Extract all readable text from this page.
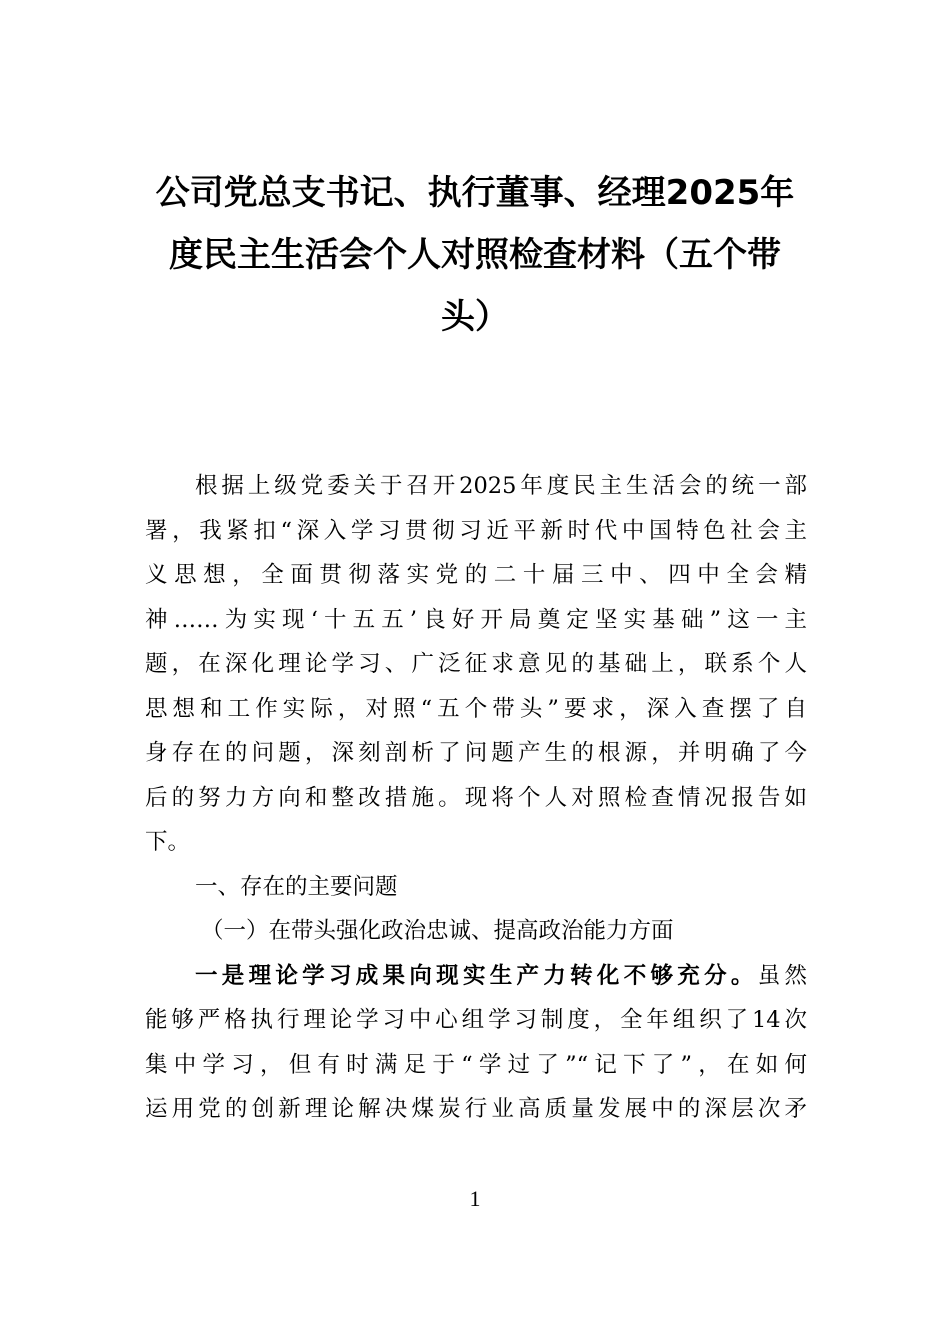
公司党总支书记、执行董事、经理2025年
度民主生活会个人对照检查材料（五个带
头）
根据上级党委关于召开2025年度民主生活会的统一部
署，我紧扣“深入学习贯彻习近平新时代中国特色社会主
义思想，全面贯彻落实党的二十届三中、四中全会精
神……为实现‘十五五’良好开局奠定坚实基础”这一主
题，在深化理论学习、广泛征求意见的基础上，联系个人
思想和工作实际，对照“五个带头”要求，深入查摆了自
身存在的问题，深刻剖析了问题产生的根源，并明确了今
后的努力方向和整改措施。现将个人对照检查情况报告如
下。
一、存在的主要问题
（一）在带头强化政治忠诚、提高政治能力方面
一是理论学习成果向现实生产力转化不够充分。虽然
能够严格执行理论学习中心组学习制度，全年组织了14次
集中学习，但有时满足于“学过了”“记下了”，在如何
运用党的创新理论解决煤炭行业高质量发展中的深层次矛
1
